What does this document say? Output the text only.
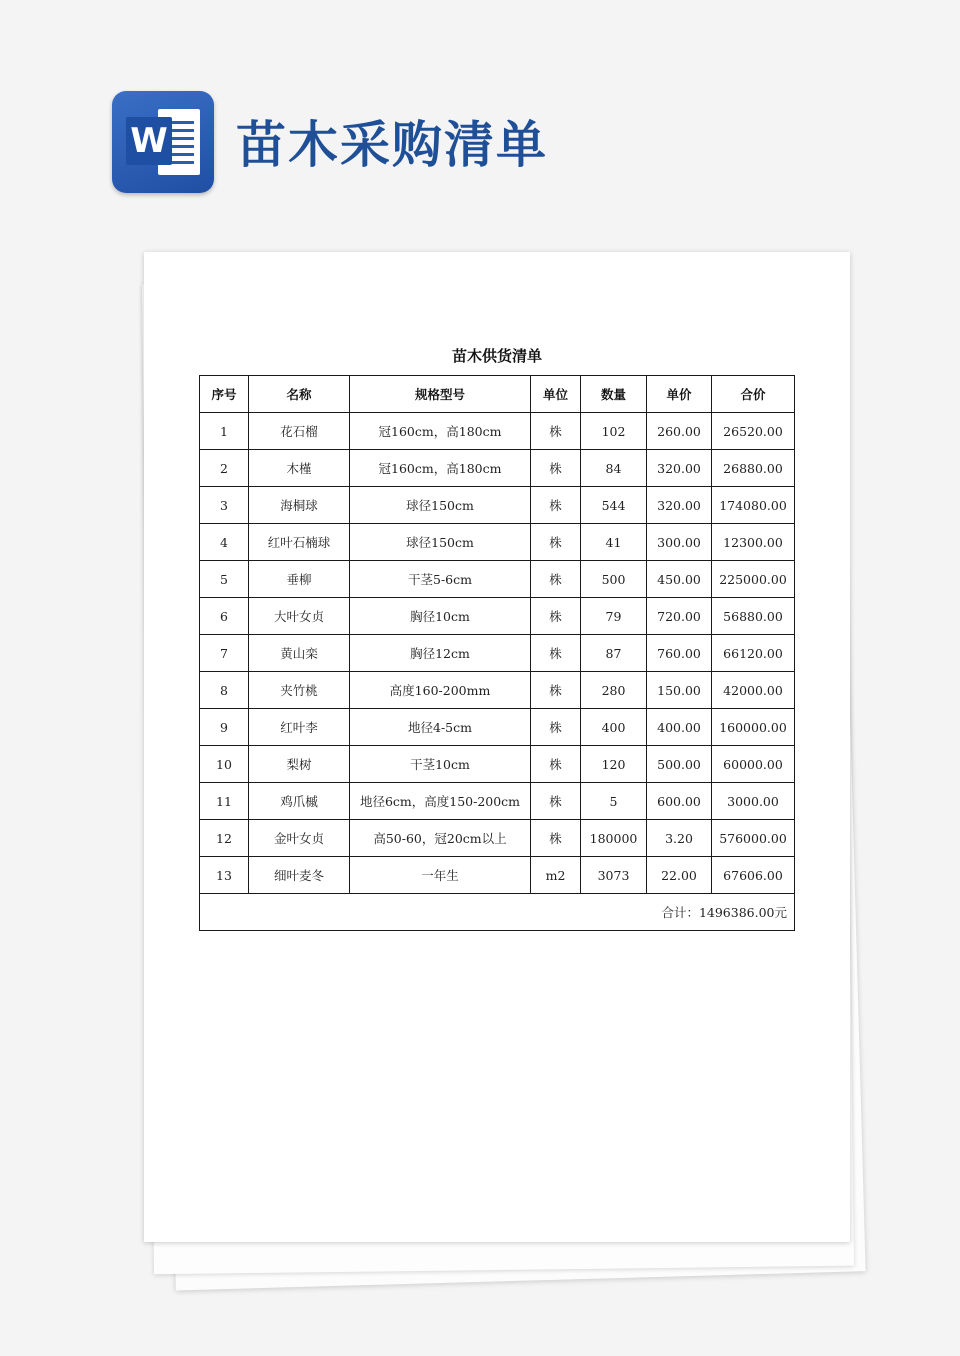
W 苗木采购清单
苗木供货清单
序号	名称	规格型号	单位	数量	单价	合价
1	花石榴	冠160cm，高180cm	株	102	260.00	26520.00
2	木槿	冠160cm，高180cm	株	84	320.00	26880.00
3	海桐球	球径150cm	株	544	320.00	174080.00
4	红叶石楠球	球径150cm	株	41	300.00	12300.00
5	垂柳	干茎5-6cm	株	500	450.00	225000.00
6	大叶女贞	胸径10cm	株	79	720.00	56880.00
7	黄山栾	胸径12cm	株	87	760.00	66120.00
8	夹竹桃	高度160-200mm	株	280	150.00	42000.00
9	红叶李	地径4-5cm	株	400	400.00	160000.00
10	梨树	干茎10cm	株	120	500.00	60000.00
11	鸡爪槭	地径6cm，高度150-200cm	株	5	600.00	3000.00
12	金叶女贞	高50-60，冠20cm以上	株	180000	3.20	576000.00
13	细叶麦冬	一年生	m2	3073	22.00	67606.00
合计：1496386.00元						
